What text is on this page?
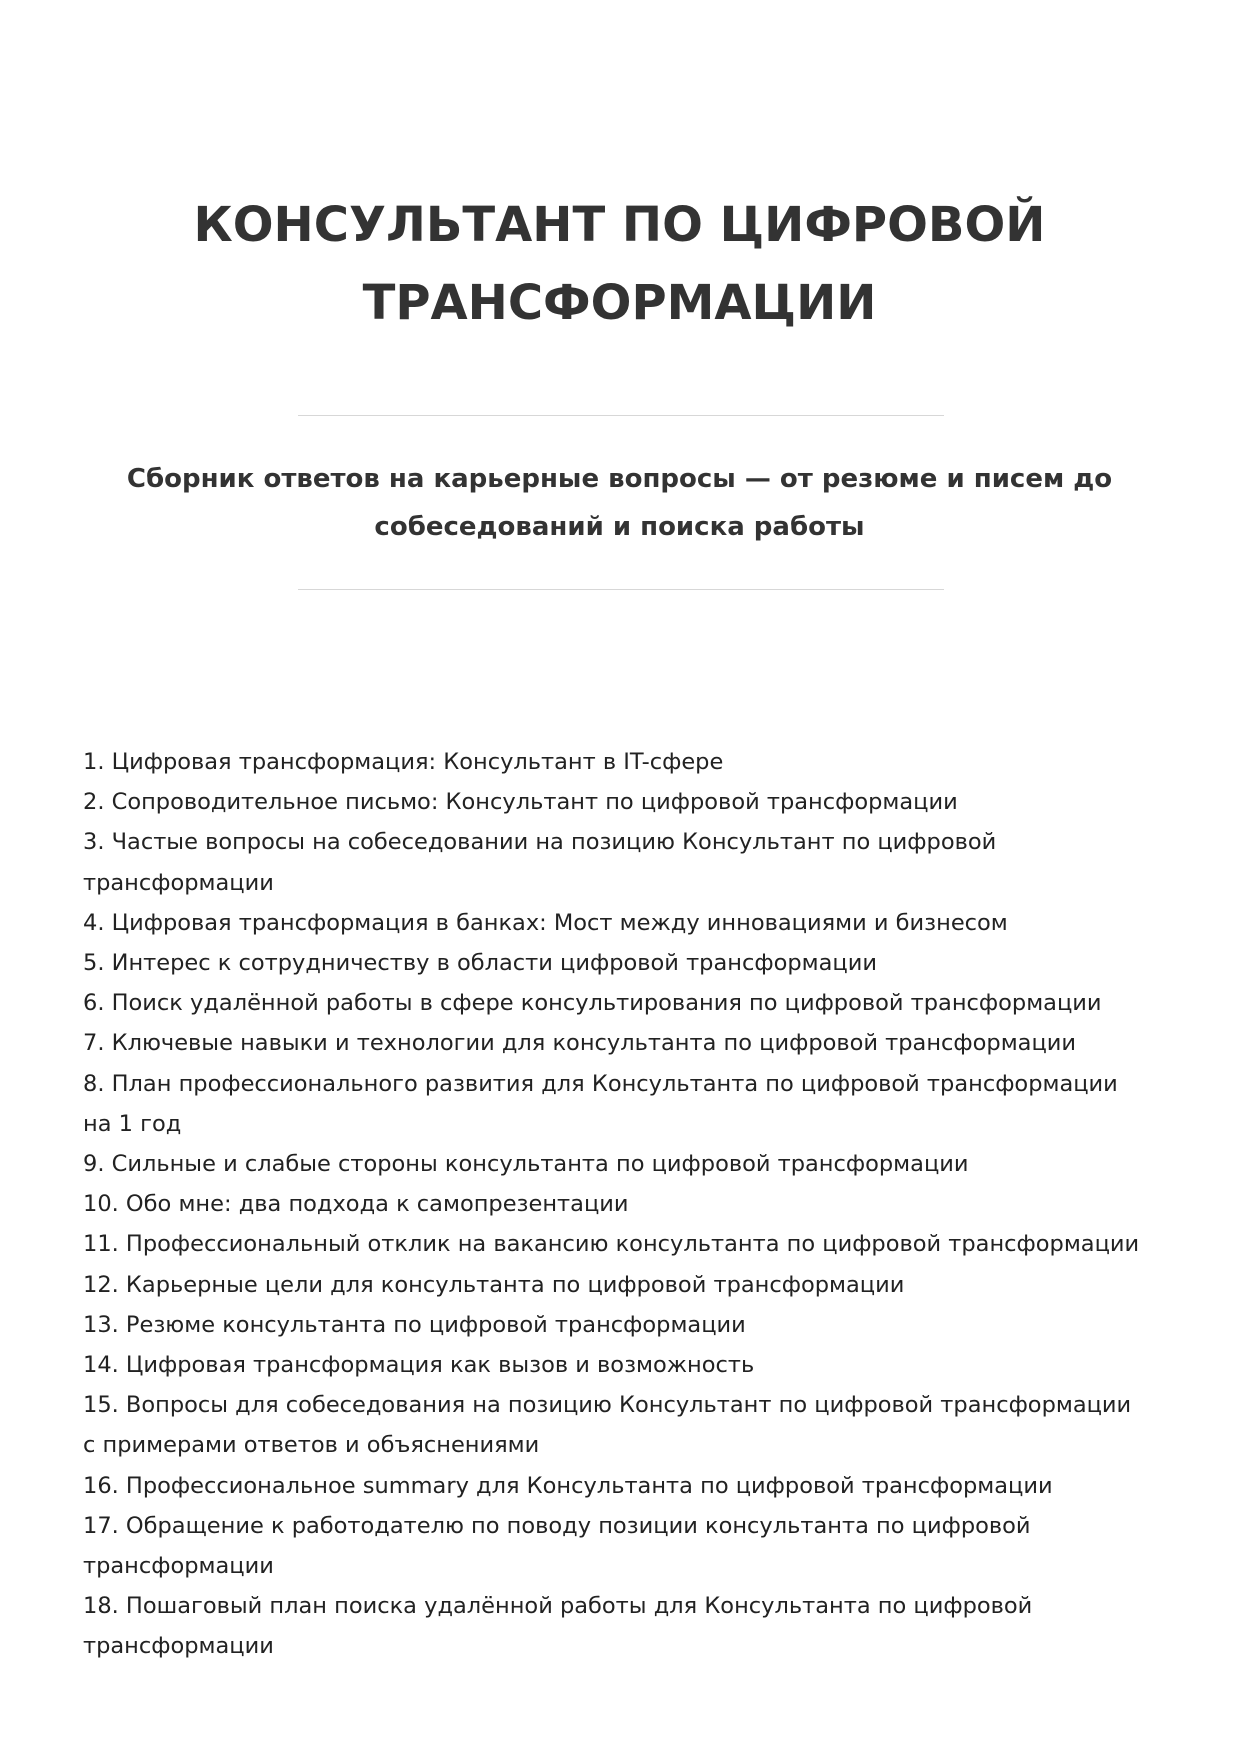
КОНСУЛЬТАНТ ПО ЦИФРОВОЙ ТРАНСФОРМАЦИИ

Сборник ответов на карьерные вопросы — от резюме и писем до собеседований и поиска работы

1. Цифровая трансформация: Консультант в IT-сфере
2. Сопроводительное письмо: Консультант по цифровой трансформации
3. Частые вопросы на собеседовании на позицию Консультант по цифровой трансформации
4. Цифровая трансформация в банках: Мост между инновациями и бизнесом
5. Интерес к сотрудничеству в области цифровой трансформации
6. Поиск удалённой работы в сфере консультирования по цифровой трансформации
7. Ключевые навыки и технологии для консультанта по цифровой трансформации
8. План профессионального развития для Консультанта по цифровой трансформации на 1 год
9. Сильные и слабые стороны консультанта по цифровой трансформации
10. Обо мне: два подхода к самопрезентации
11. Профессиональный отклик на вакансию консультанта по цифровой трансформации
12. Карьерные цели для консультанта по цифровой трансформации
13. Резюме консультанта по цифровой трансформации
14. Цифровая трансформация как вызов и возможность
15. Вопросы для собеседования на позицию Консультант по цифровой трансформации с примерами ответов и объяснениями
16. Профессиональное summary для Консультанта по цифровой трансформации
17. Обращение к работодателю по поводу позиции консультанта по цифровой трансформации
18. Пошаговый план поиска удалённой работы для Консультанта по цифровой трансформации
